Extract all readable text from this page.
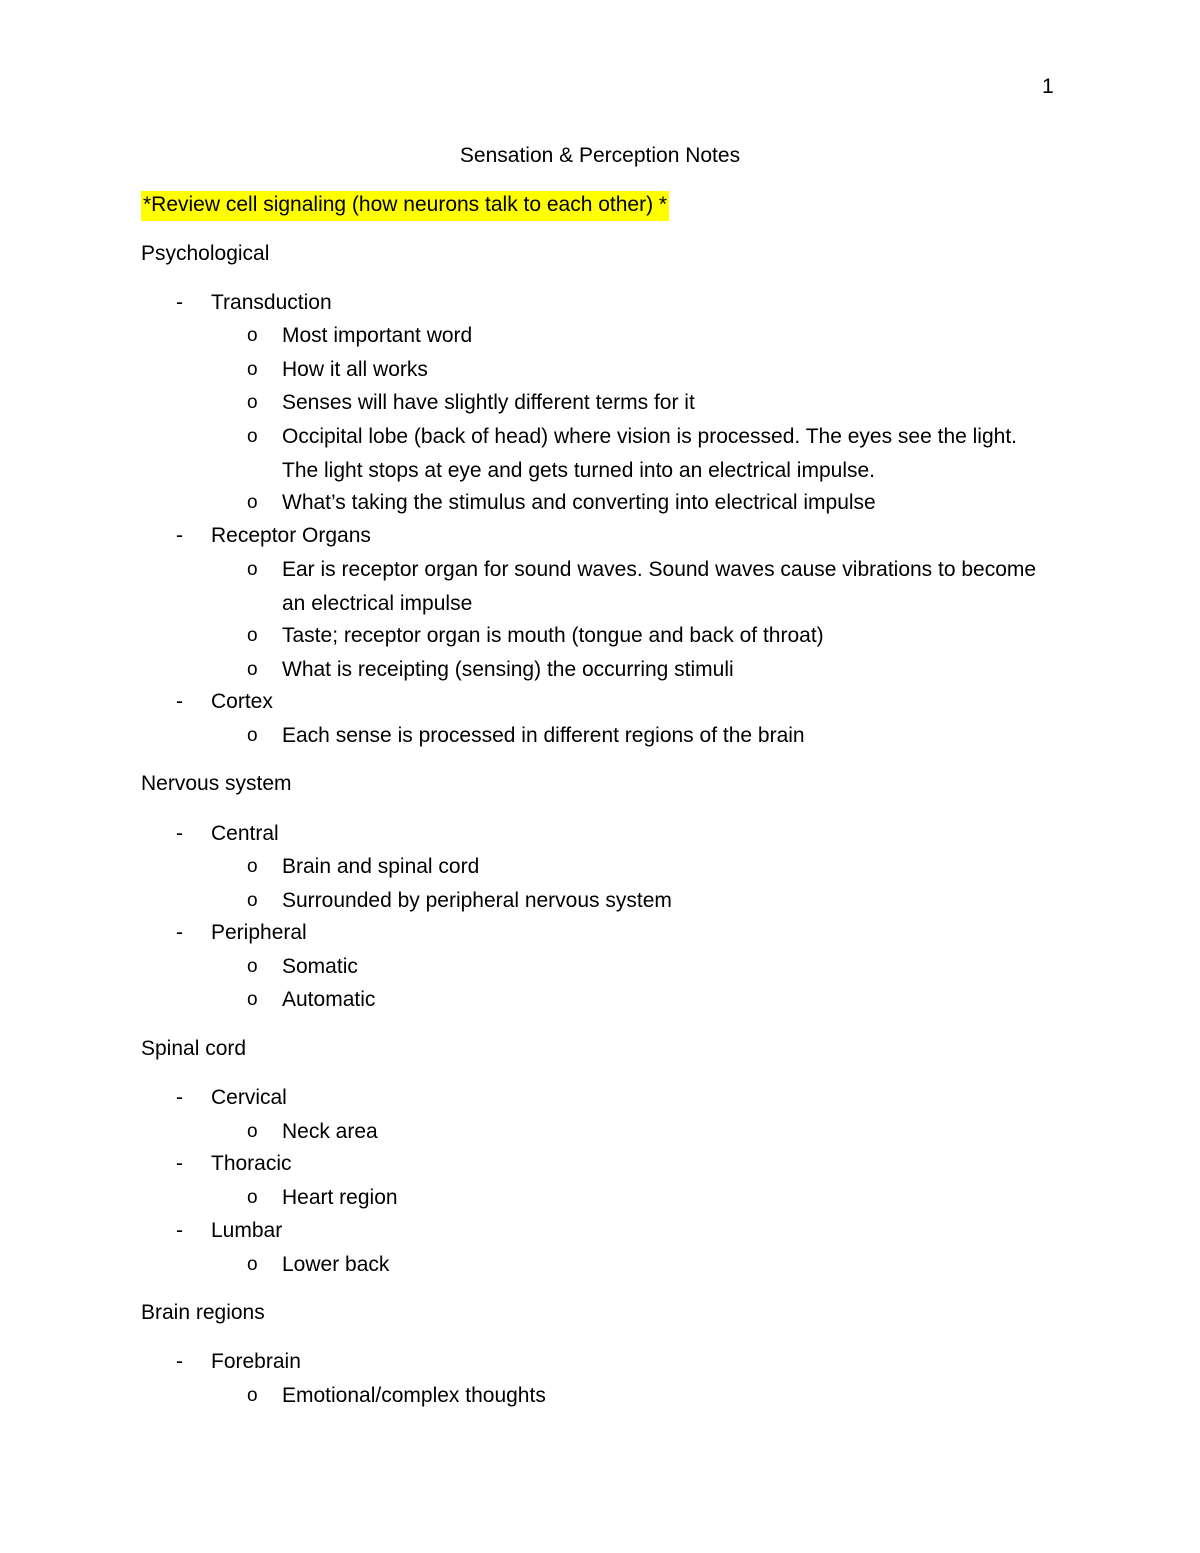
1
Sensation & Perception Notes
*Review cell signaling (how neurons talk to each other) *
Psychological
- Transduction
o Most important word
o How it all works
o Senses will have slightly different terms for it
o Occipital lobe (back of head) where vision is processed. The eyes see the light. The light stops at eye and gets turned into an electrical impulse.
o What’s taking the stimulus and converting into electrical impulse
- Receptor Organs
o Ear is receptor organ for sound waves. Sound waves cause vibrations to become an electrical impulse
o Taste; receptor organ is mouth (tongue and back of throat)
o What is receipting (sensing) the occurring stimuli
- Cortex
o Each sense is processed in different regions of the brain
Nervous system
- Central
o Brain and spinal cord
o Surrounded by peripheral nervous system
- Peripheral
o Somatic
o Automatic
Spinal cord
- Cervical
o Neck area
- Thoracic
o Heart region
- Lumbar
o Lower back
Brain regions
- Forebrain
o Emotional/complex thoughts
